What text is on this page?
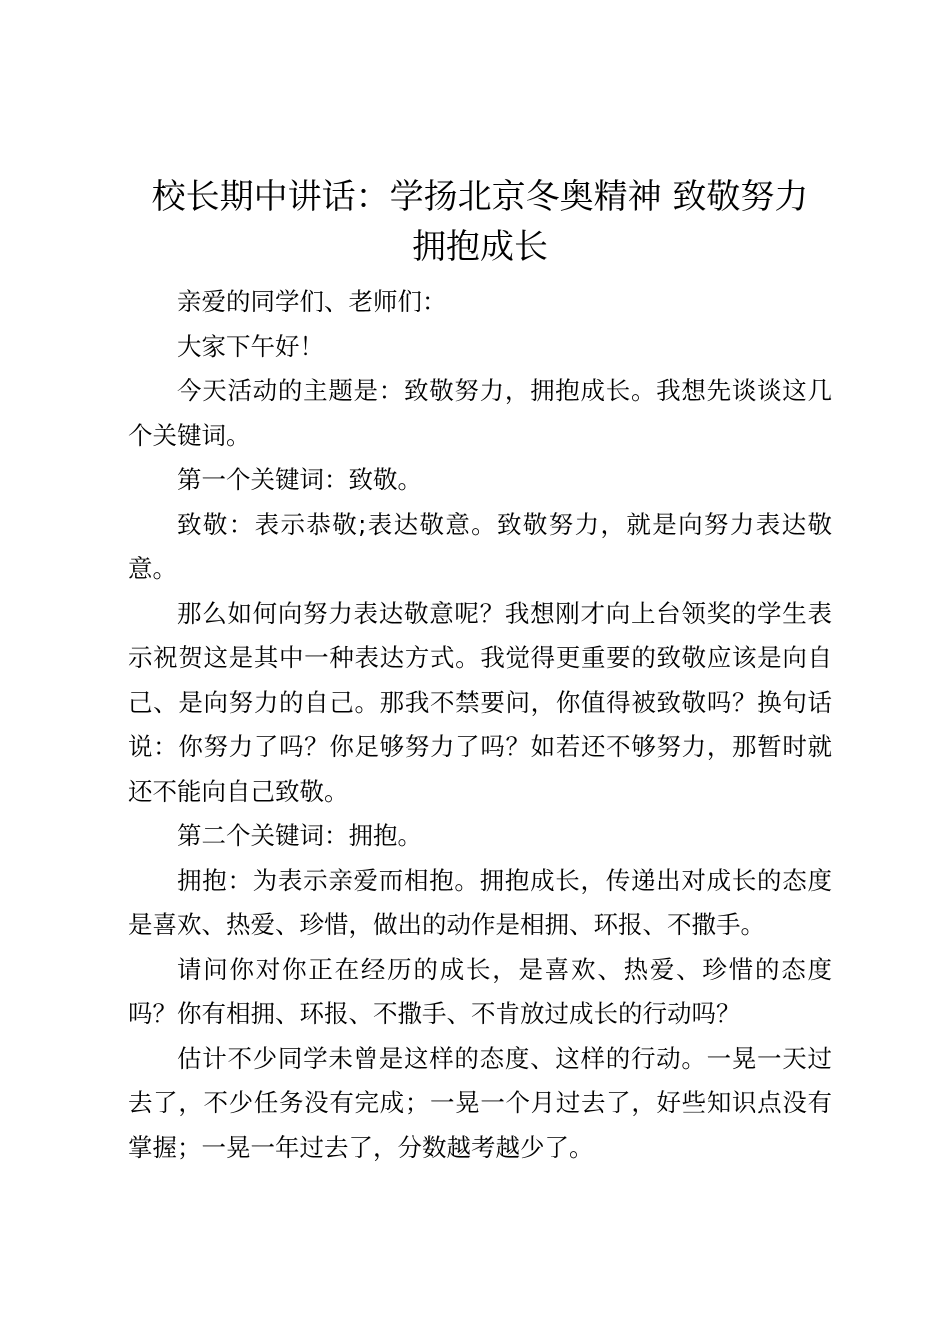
校长期中讲话：学扬北京冬奥精神 致敬努力
拥抱成长

亲爱的同学们、老师们：

大家下午好！

今天活动的主题是：致敬努力，拥抱成长。我想先谈谈这几个关键词。

第一个关键词：致敬。

致敬：表示恭敬;表达敬意。致敬努力，就是向努力表达敬意。

那么如何向努力表达敬意呢？我想刚才向上台领奖的学生表示祝贺这是其中一种表达方式。我觉得更重要的致敬应该是向自己、是向努力的自己。那我不禁要问，你值得被致敬吗？换句话说：你努力了吗？你足够努力了吗？如若还不够努力，那暂时就还不能向自己致敬。

第二个关键词：拥抱。

拥抱：为表示亲爱而相抱。拥抱成长，传递出对成长的态度是喜欢、热爱、珍惜，做出的动作是相拥、环报、不撒手。

请问你对你正在经历的成长，是喜欢、热爱、珍惜的态度吗？你有相拥、环报、不撒手、不肯放过成长的行动吗？

估计不少同学未曾是这样的态度、这样的行动。一晃一天过去了，不少任务没有完成；一晃一个月过去了，好些知识点没有掌握；一晃一年过去了，分数越考越少了。
